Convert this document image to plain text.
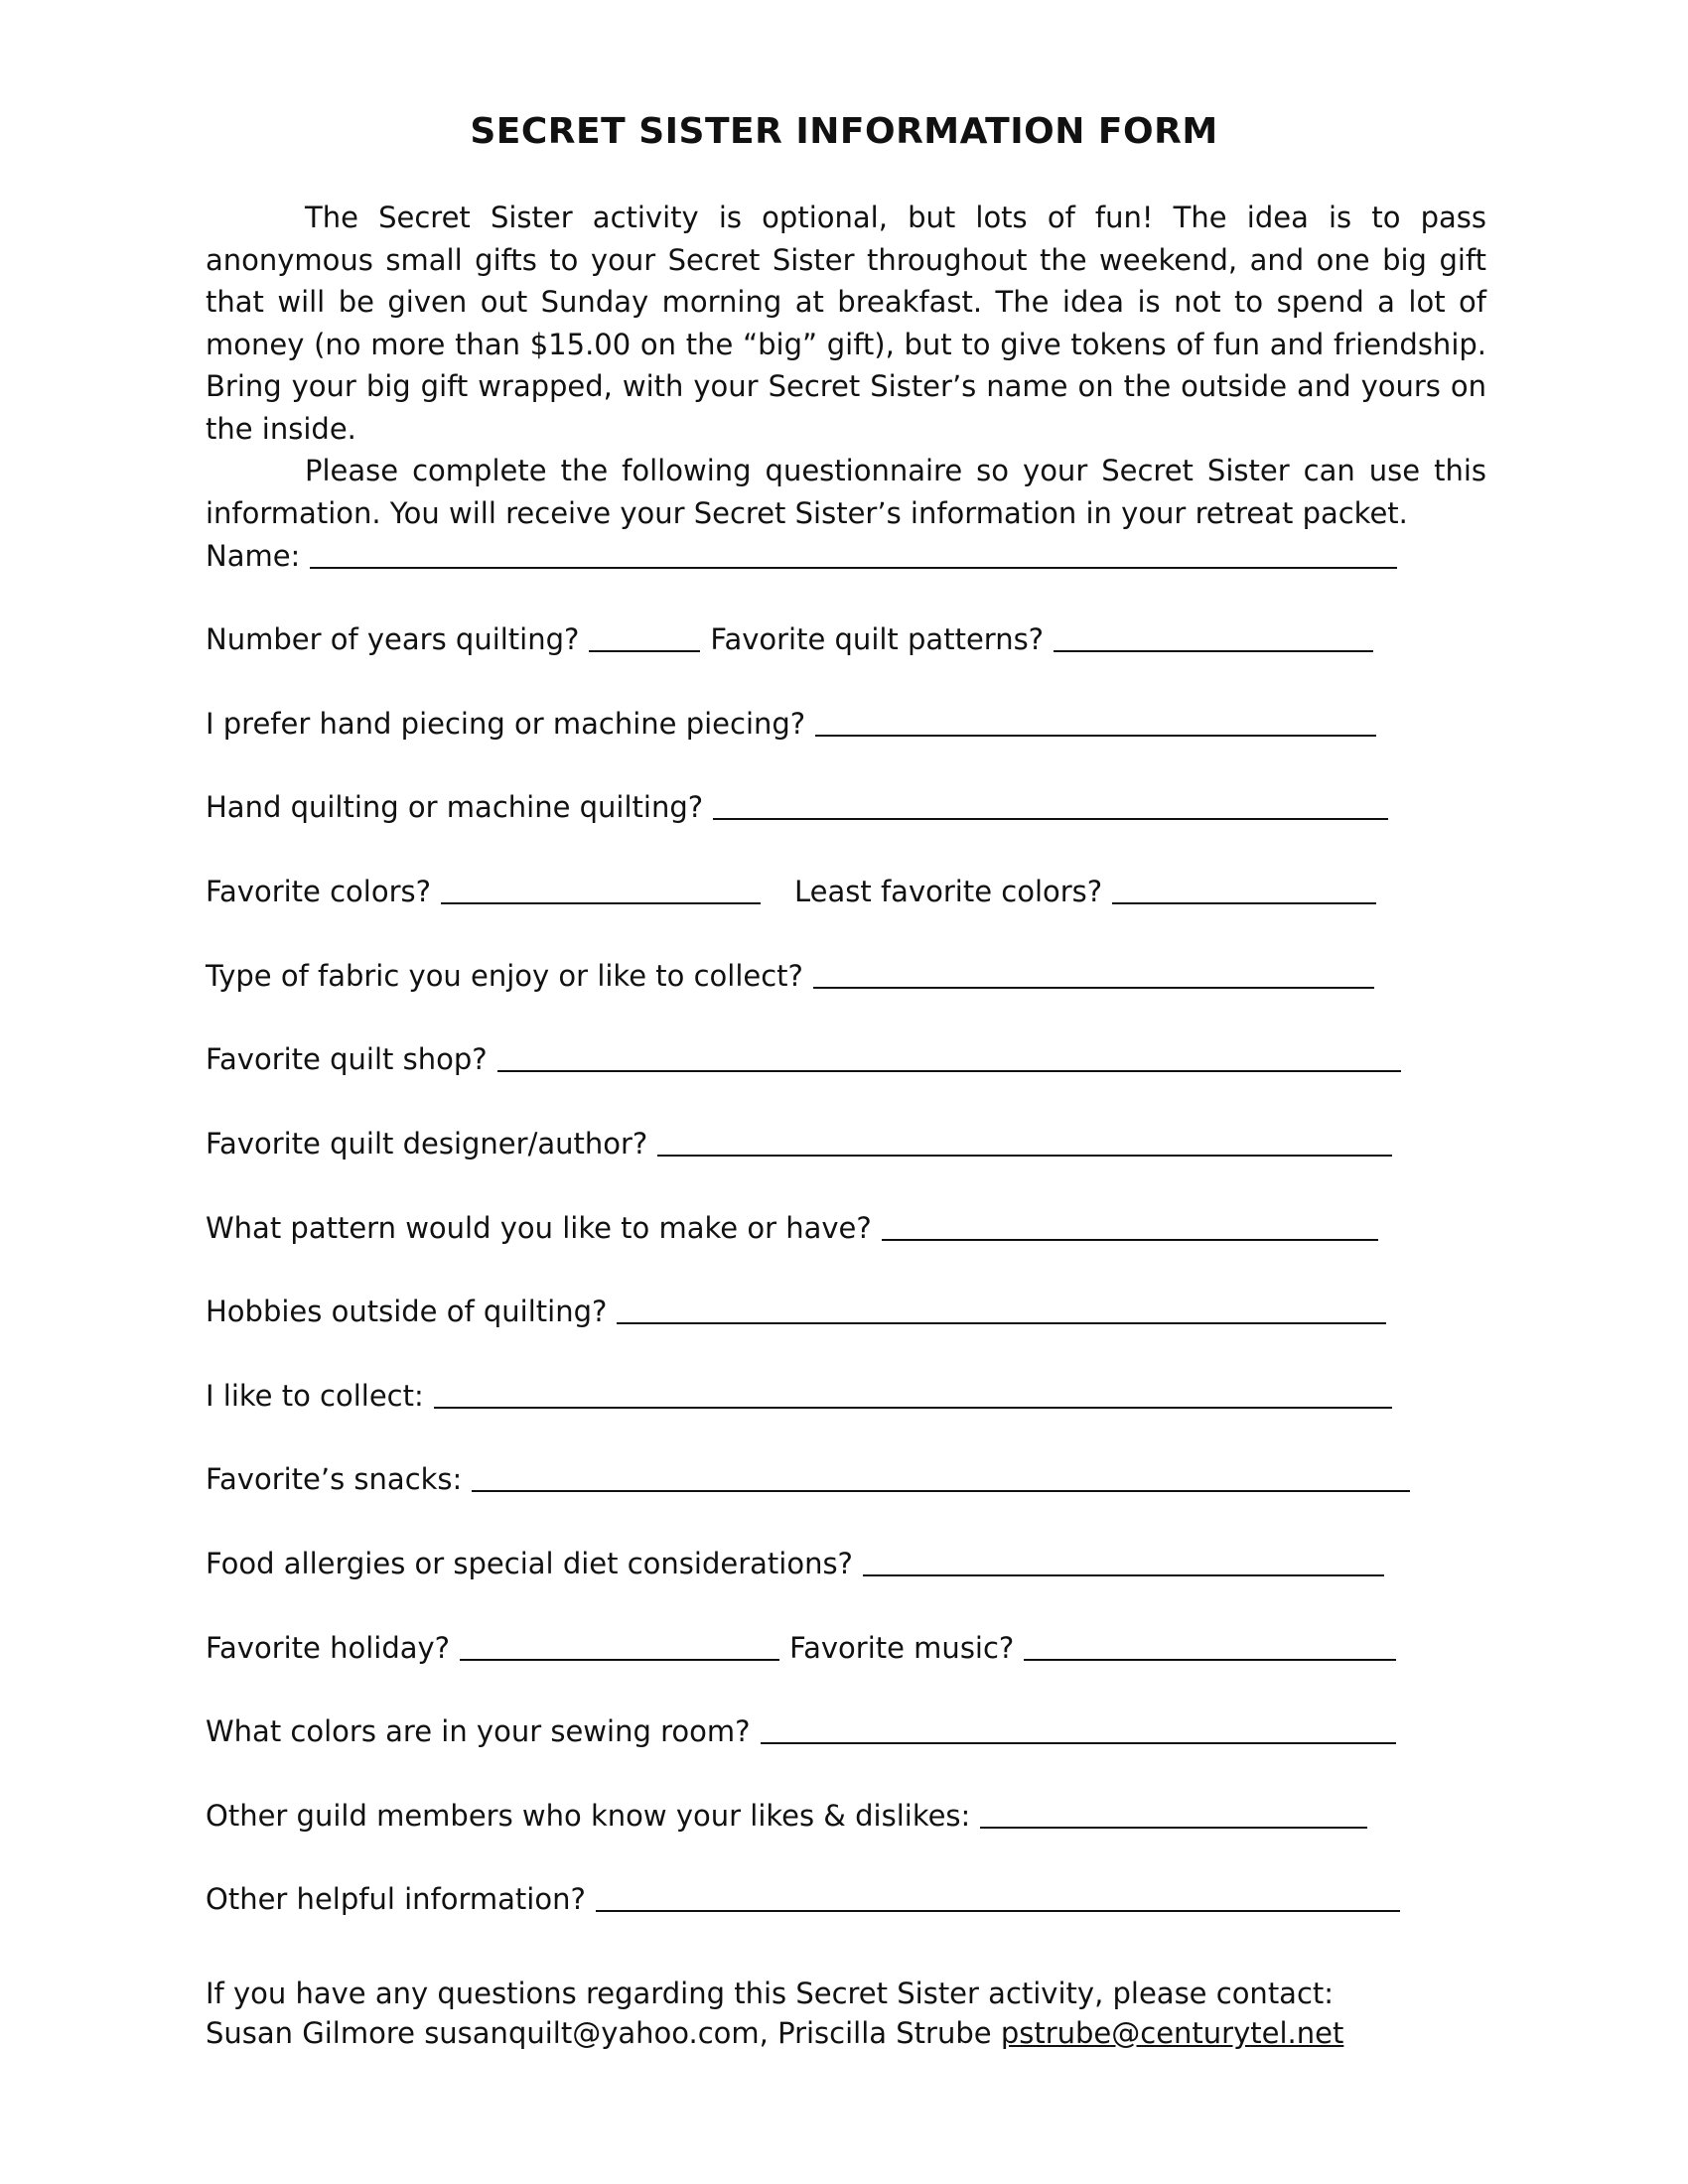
SECRET SISTER INFORMATION FORM

The Secret Sister activity is optional, but lots of fun! The idea is to pass anonymous small gifts to your Secret Sister throughout the weekend, and one big gift that will be given out Sunday morning at breakfast. The idea is not to spend a lot of money (no more than $15.00 on the “big” gift), but to give tokens of fun and friendship. Bring your big gift wrapped, with your Secret Sister’s name on the outside and yours on the inside.

Please complete the following questionnaire so your Secret Sister can use this information. You will receive your Secret Sister’s information in your retreat packet.

Name:
Number of years quilting?	Favorite quilt patterns?
I prefer hand piecing or machine piecing?
Hand quilting or machine quilting?
Favorite colors?	Least favorite colors?
Type of fabric you enjoy or like to collect?
Favorite quilt shop?
Favorite quilt designer/author?
What pattern would you like to make or have?
Hobbies outside of quilting?
I like to collect:
Favorite’s snacks:
Food allergies or special diet considerations?
Favorite holiday?	Favorite music?
What colors are in your sewing room?
Other guild members who know your likes & dislikes:
Other helpful information?
If you have any questions regarding this Secret Sister activity, please contact:
Susan Gilmore susanquilt@yahoo.com, Priscilla Strube pstrube@centurytel.net
